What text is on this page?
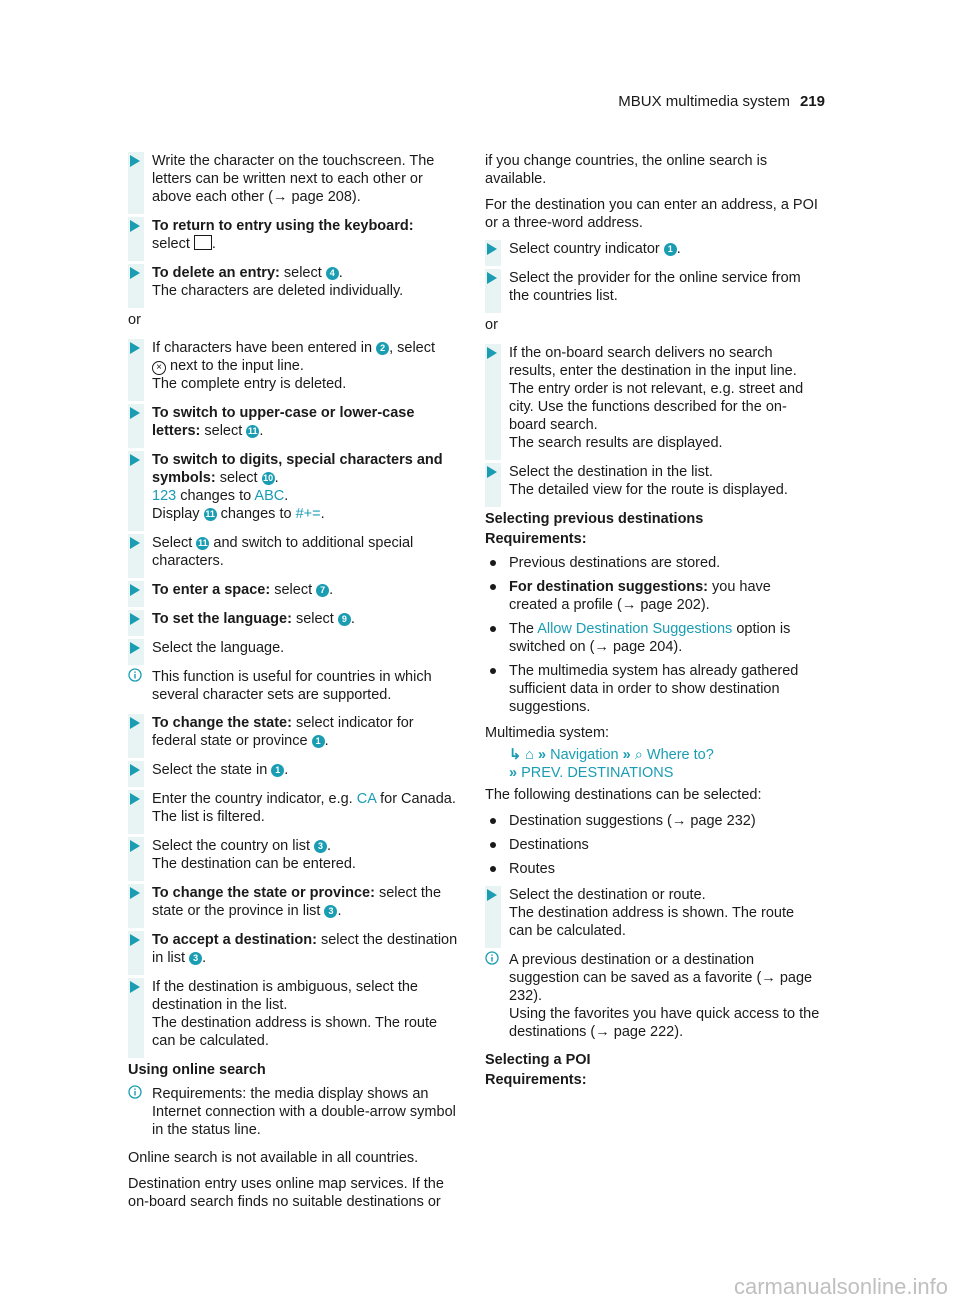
MBUX multimedia system 219

Write the character on the touchscreen. The letters can be written next to each other or above each other (→ page 208).

To return to entry using the keyboard:
select .

To delete an entry: select 4 .
The characters are deleted individually.

or

If characters have been entered in 2 , select
× next to the input line.
The complete entry is deleted.

To switch to upper-case or lower-case letters: select 11 .

To switch to digits, special characters and symbols: select 10 .
123 changes to ABC.
Display 11 changes to #+=.

Select 11 and switch to additional special characters.

To enter a space: select 7 .

To set the language: select 9 .

Select the language.

This function is useful for countries in which several character sets are supported.

To change the state: select indicator for federal state or province 1 .

Select the state in 1 .

Enter the country indicator, e.g. CA for Canada.
The list is filtered.

Select the country on list 3 .
The destination can be entered.

To change the state or province: select the state or the province in list 3 .

To accept a destination: select the destination in list 3 .

If the destination is ambiguous, select the destination in the list.
The destination address is shown. The route can be calculated.

Using online search

Requirements: the media display shows an Internet connection with a double-arrow symbol in the status line.

Online search is not available in all countries.

Destination entry uses online map services. If the on-board search finds no suitable destinations or

if you change countries, the online search is available.

For the destination you can enter an address, a POI or a three-word address.

Select country indicator 1 .

Select the provider for the online service from the countries list.

or

If the on-board search delivers no search results, enter the destination in the input line. The entry order is not relevant, e.g. street and city. Use the functions described for the on-board search.
The search results are displayed.

Select the destination in the list.
The detailed view for the route is displayed.

Selecting previous destinations

Requirements:

Previous destinations are stored.
For destination suggestions: you have created a profile (→ page 202).
The Allow Destination Suggestions option is switched on (→ page 204).
The multimedia system has already gathered sufficient data in order to show destination suggestions.

Multimedia system:

↳ ⌂ » Navigation » ⌕ Where to?
» PREV. DESTINATIONS

The following destinations can be selected:

Destination suggestions (→ page 232)
Destinations
Routes

Select the destination or route.
The destination address is shown. The route can be calculated.

A previous destination or a destination suggestion can be saved as a favorite (→ page 232).
Using the favorites you have quick access to the destinations (→ page 222).

Selecting a POI

Requirements:

carmanualsonline.info
